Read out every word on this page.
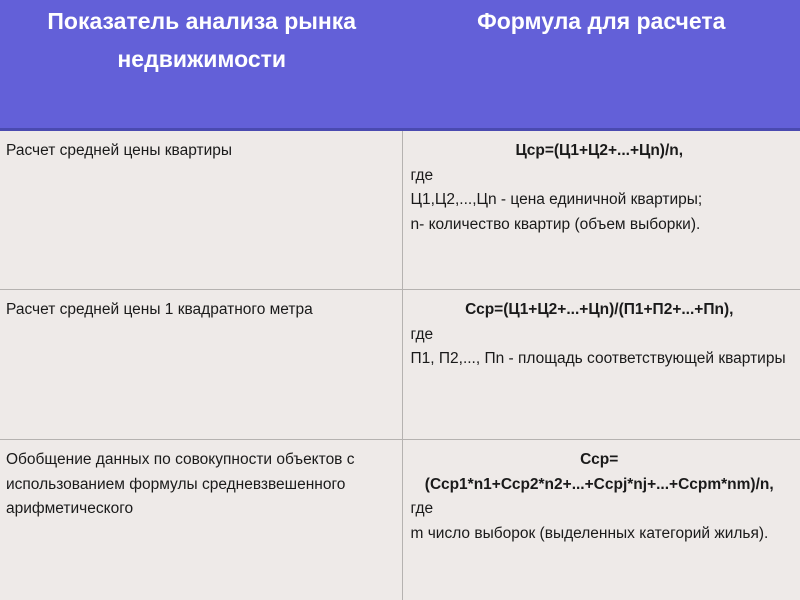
Показатель анализа рынка недвижимости	Формула для расчета
Расчет средней цены квартиры	Цср=(Ц1+Ц2+...+Цn)/n,
где
Ц1,Ц2,...,Цn - цена единичной квартиры;
n- количество квартир (объем выборки).

Расчет средней цены 1 квадратного метра	Сср=(Ц1+Ц2+...+Цn)/(П1+П2+...+Пn),
где
П1, П2,..., Пn - площадь соответствующей квартиры

Обобщение данных по совокупности объектов с использованием формулы средневзвешенного арифметического	Сср=(Сср1*n1+Сср2*n2+...+Ccpj*nj+...+Ccpm*nm)/n,
где
m число выборок (выделенных категорий жилья).
